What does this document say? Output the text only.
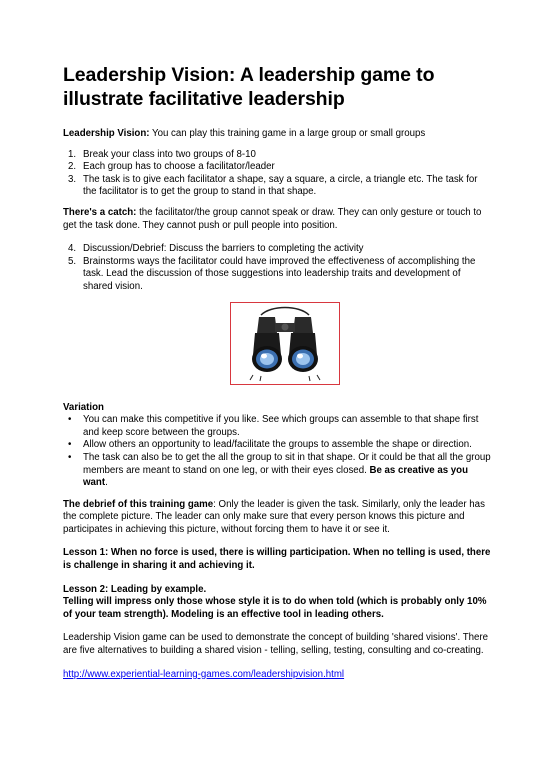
Leadership Vision: A leadership game to illustrate facilitative leadership

Leadership Vision: You can play this training game in a large group or small groups

1. Break your class into two groups of 8-10
2. Each group has to choose a facilitator/leader
3. The task is to give each facilitator a shape, say a square, a circle, a triangle etc. The task for the facilitator is to get the group to stand in that shape.

There's a catch: the facilitator/the group cannot speak or draw. They can only gesture or touch to get the task done. They cannot push or pull people into position.

4. Discussion/Debrief: Discuss the barriers to completing the activity
5. Brainstorms ways the facilitator could have improved the effectiveness of accomplishing the task. Lead the discussion of those suggestions into leadership traits and development of shared vision.

Variation

• You can make this competitive if you like. See which groups can assemble to that shape first and keep score between the groups.
• Allow others an opportunity to lead/facilitate the groups to assemble the shape or direction.
• The task can also be to get the all the group to sit in that shape. Or it could be that all the group members are meant to stand on one leg, or with their eyes closed. Be as creative as you want.

The debrief of this training game: Only the leader is given the task. Similarly, only the leader has the complete picture. The leader can only make sure that every person knows this picture and participates in achieving this picture, without forcing them to have it or see it.

Lesson 1: When no force is used, there is willing participation. When no telling is used, there is challenge in sharing it and achieving it.

Lesson 2: Leading by example.

Telling will impress only those whose style it is to do when told (which is probably only 10% of your team strength). Modeling is an effective tool in leading others.

Leadership Vision game can be used to demonstrate the concept of building 'shared visions'. There are five alternatives to building a shared vision - telling, selling, testing, consulting and co-creating.

http://www.experiential-learning-games.com/leadershipvision.html
